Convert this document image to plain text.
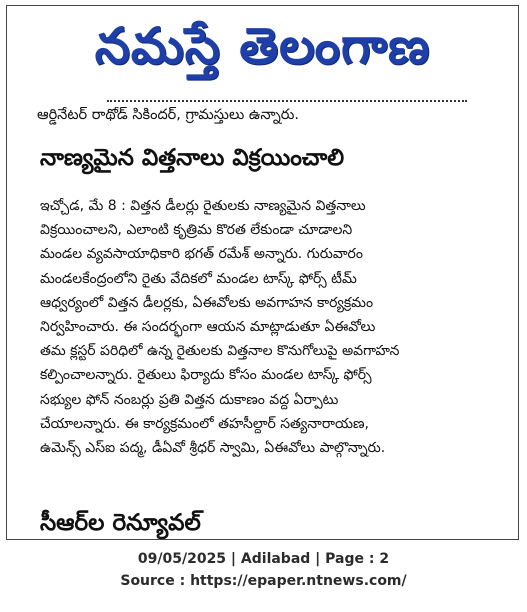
నమస్తే తెలంగాణ
ఆర్డినేటర్ రాథోడ్ సికిందర్, గ్రామస్తులు ఉన్నారు.
నాణ్యమైన విత్తనాలు విక్రయించాలి
ఇచ్చోడ, మే 8 : విత్తన డీలర్లు రైతులకు నాణ్యమైన విత్తనాలు
విక్రయించాలని, ఎలాంటి కృత్రిమ కొరత లేకుండా చూడాలని
మండల వ్యవసాయాధికారి భగత్ రమేశ్ అన్నారు. గురువారం
మండలకేంద్రంలోని రైతు వేదికలో మండల టాస్క్ ఫోర్స్ టీమ్
ఆధ్వర్యంలో విత్తన డీలర్లకు, ఏఈవోలకు అవగాహన కార్యక్రమం
నిర్వహించారు. ఈ సందర్భంగా ఆయన మాట్లాడుతూ ఏఈవోలు
తమ క్లస్టర్ పరిధిలో ఉన్న రైతులకు విత్తనాల కొనుగోలుపై అవగాహన
కల్పించాలన్నారు. రైతులు ఫిర్యాదు కోసం మండల టాస్క్ ఫోర్స్
సభ్యుల ఫోన్ నంబర్లు ప్రతి విత్తన దుకాణం వద్ద ఏర్పాటు
చేయాలన్నారు. ఈ కార్యక్రమంలో తహసీల్దార్ సత్యనారాయణ,
ఉమెన్స్ ఎస్ఐ పద్మ, డీఏవో శ్రీధర్ స్వామి, ఏఈవోలు పాల్గొన్నారు.
సీఆర్‌ల రెన్యూవల్
09/05/2025 | Adilabad | Page : 2
Source : https://epaper.ntnews.com/
